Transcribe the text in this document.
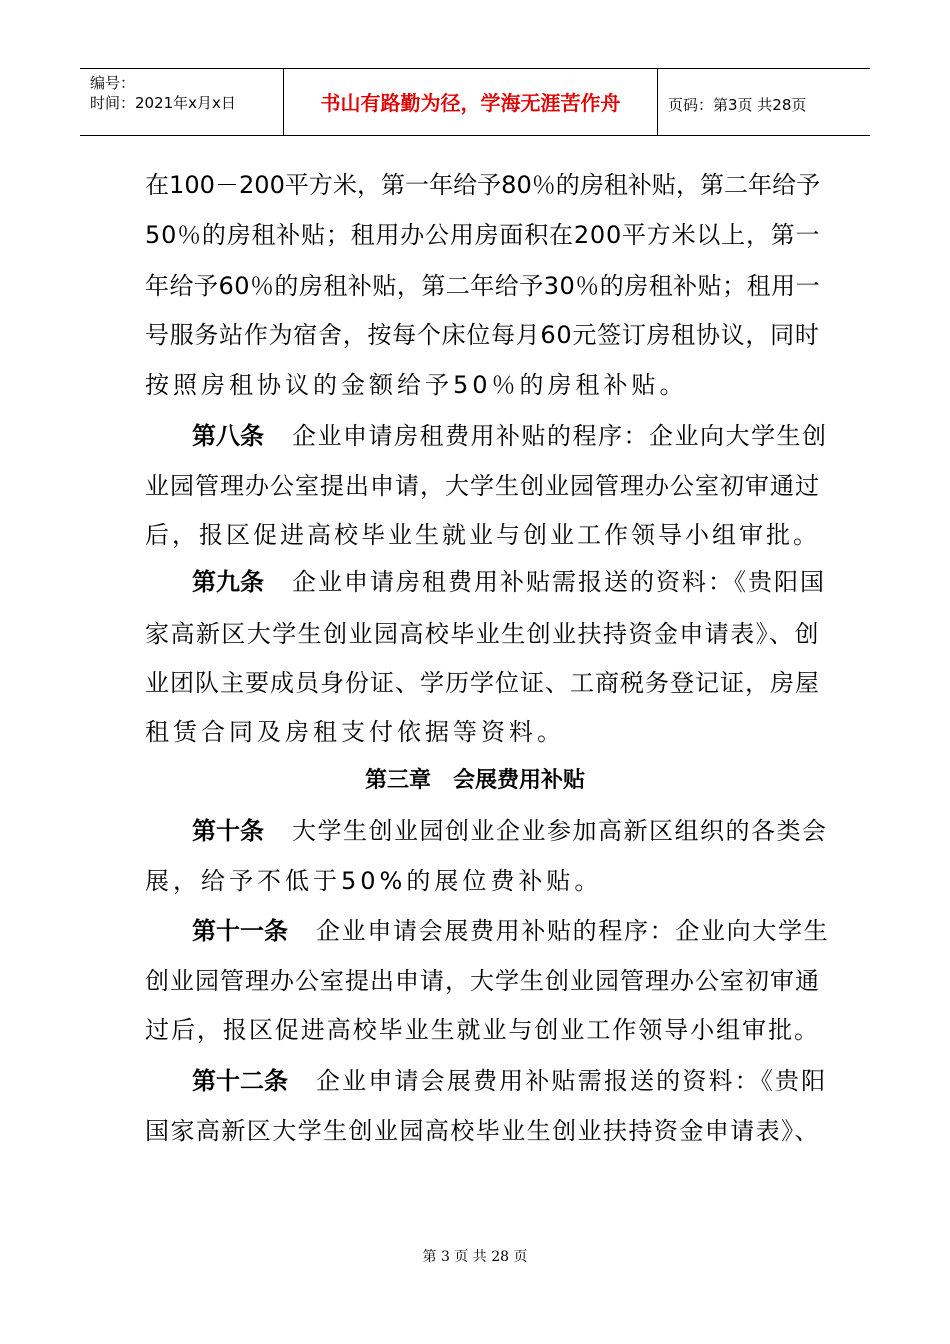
编号：
时间：2021年x月x日	书山有路勤为径，学海无涯苦作舟	页码：第3页 共28页
在100－200平方米，第一年给予80％的房租补贴，第二年给予
50％的房租补贴；租用办公用房面积在200平方米以上，第一
年给予60％的房租补贴，第二年给予30％的房租补贴；租用一
号服务站作为宿舍，按每个床位每月60元签订房租协议，同时
按照房租协议的金额给予50％的房租补贴。
第八条 企业申请房租费用补贴的程序：企业向大学生创
业园管理办公室提出申请，大学生创业园管理办公室初审通过
后，报区促进高校毕业生就业与创业工作领导小组审批。
第九条 企业申请房租费用补贴需报送的资料：《贵阳国
家高新区大学生创业园高校毕业生创业扶持资金申请表》、创
业团队主要成员身份证、学历学位证、工商税务登记证，房屋
租赁合同及房租支付依据等资料。
第三章　会展费用补贴
第十条 大学生创业园创业企业参加高新区组织的各类会
展，给予不低于50%的展位费补贴。
第十一条 企业申请会展费用补贴的程序：企业向大学生
创业园管理办公室提出申请，大学生创业园管理办公室初审通
过后，报区促进高校毕业生就业与创业工作领导小组审批。
第十二条 企业申请会展费用补贴需报送的资料：《贵阳
国家高新区大学生创业园高校毕业生创业扶持资金申请表》、
第 3 页 共 28 页
